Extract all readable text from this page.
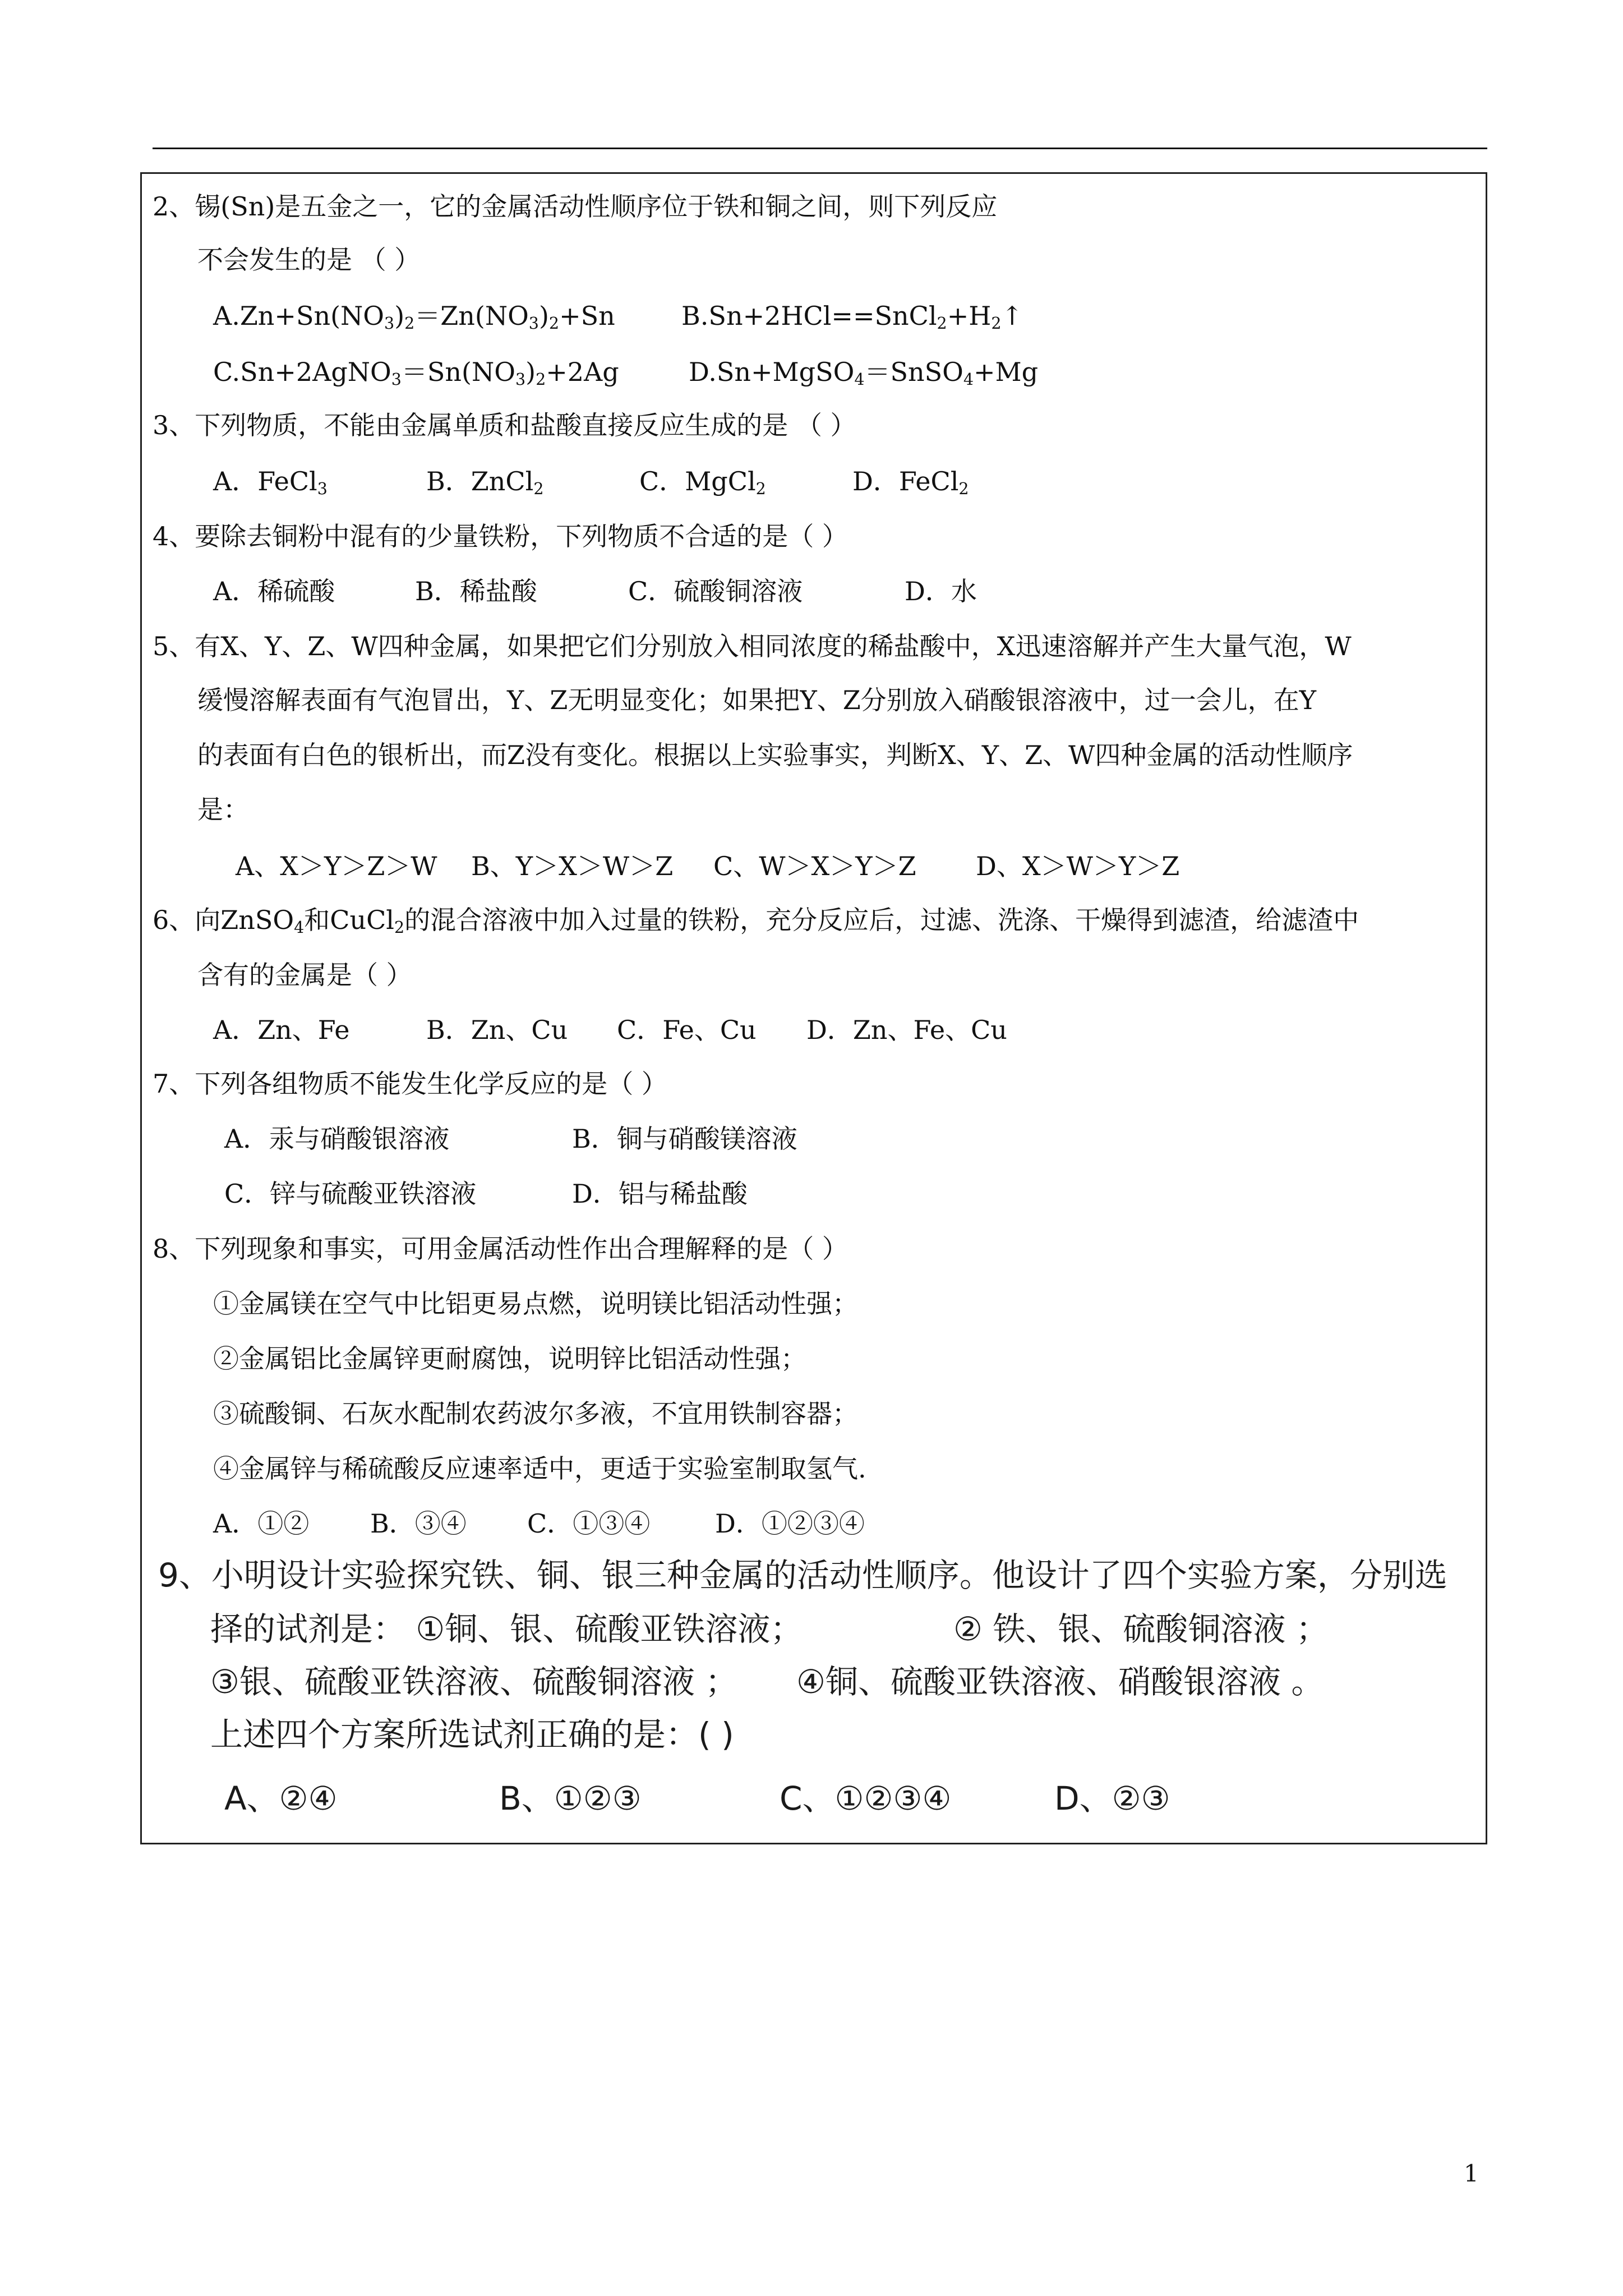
2、锡(Sn)是五金之一，它的金属活动性顺序位于铁和铜之间，则下列反应
不会发生的是 （ ）
$A.Zn+Sn(NO_3)_2=Zn(NO_3)_2+Sn$	$B.Sn+2HCl==SnCl_2+H_2↑$
$C.Sn+2AgNO_3=Sn(NO_3)_2+2Ag$	D.Sn+MgSO$_4$＝SnSO$_4$+Mg
3、下列物质，不能由金属单质和盐酸直接反应生成的是 （ ）
A．FeCl$_3$	B．ZnCl$_2$	C．MgCl$_2$	D．FeCl$_2$
4、要除去铜粉中混有的少量铁粉，下列物质不合适的是（ ）
A．稀硫酸	B．稀盐酸	C．硫酸铜溶液	D．水
5、有X、Y、Z、W四种金属，如果把它们分别放入相同浓度的稀盐酸中，X迅速溶解并产生大量气泡，W
缓慢溶解表面有气泡冒出，Y、Z无明显变化；如果把Y、Z分别放入硝酸银溶液中，过一会儿，在Y
的表面有白色的银析出，而Z没有变化。根据以上实验事实，判断X、Y、Z、W四种金属的活动性顺序
是：
A、X＞Y＞Z＞W B、Y＞X＞W＞Z C、W＞X＞Y＞Z D、X＞W＞Y＞Z
6、向ZnSO$_4$和CuCl$_2$的混合溶液中加入过量的铁粉，充分反应后，过滤、洗涤、干燥得到滤渣，给滤渣中
含有的金属是（ ）
A．Zn、Fe	B．Zn、Cu C．Fe、Cu D．Zn、Fe、Cu
7、下列各组物质不能发生化学反应的是（ ）
A．汞与硝酸银溶液	B．铜与硝酸镁溶液
C．锌与硫酸亚铁溶液	D．铝与稀盐酸
8、下列现象和事实，可用金属活动性作出合理解释的是（ ）
①金属镁在空气中比铝更易点燃，说明镁比铝活动性强；
②金属铝比金属锌更耐腐蚀，说明锌比铝活动性强；
③硫酸铜、石灰水配制农药波尔多液，不宜用铁制容器；
④金属锌与稀硫酸反应速率适中，更适于实验室制取氢气.
A．①② B．③④ C．①③④	D．①②③④
9、小明设计实验探究铁、铜、银三种金属的活动性顺序。他设计了四个实验方案，分别选
择的试剂是： ①铜、银、硫酸亚铁溶液；	② 铁、银、硫酸铜溶液 ；
③银、硫酸亚铁溶液、硫酸铜溶液 ； ④铜、硫酸亚铁溶液、硝酸银溶液 。
上述四个方案所选试剂正确的是：( )
A、②④	B、①②③	C、①②③④	D、②③
1
